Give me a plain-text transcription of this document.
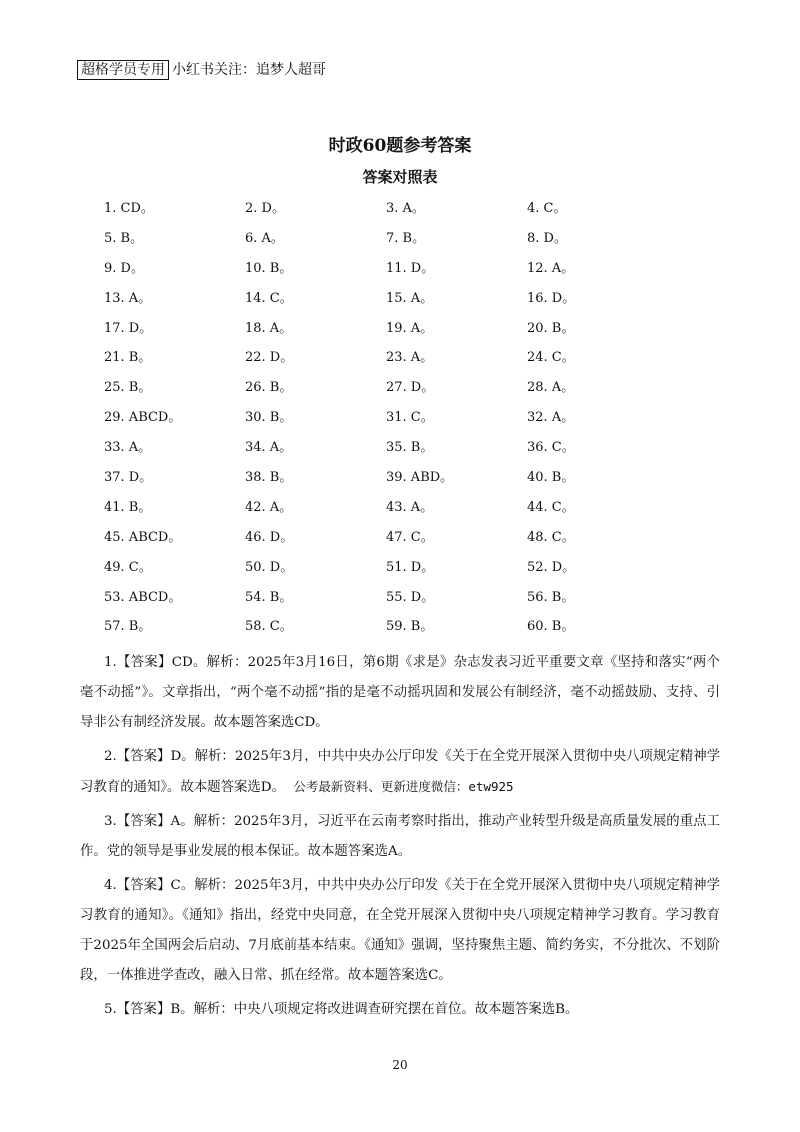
超格学员专用 小红书关注：追梦人超哥
时政60题参考答案
答案对照表
1. CD。	2. D。	3. A。	4. C。
5. B。	6. A。	7. B。	8. D。
9. D。	10. B。	11. D。	12. A。
13. A。	14. C。	15. A。	16. D。
17. D。	18. A。	19. A。	20. B。
21. B。	22. D。	23. A。	24. C。
25. B。	26. B。	27. D。	28. A。
29. ABCD。	30. B。	31. C。	32. A。
33. A。	34. A。	35. B。	36. C。
37. D。	38. B。	39. ABD。	40. B。
41. B。	42. A。	43. A。	44. C。
45. ABCD。	46. D。	47. C。	48. C。
49. C。	50. D。	51. D。	52. D。
53. ABCD。	54. B。	55. D。	56. B。
57. B。	58. C。	59. B。	60. B。

1.【答案】CD。解析：2025年3月16日，第6期《求是》杂志发表习近平重要文章《坚持和落实“两个毫不动摇”》。文章指出，“两个毫不动摇”指的是毫不动摇巩固和发展公有制经济，毫不动摇鼓励、支持、引导非公有制经济发展。故本题答案选CD。

2.【答案】D。解析：2025年3月，中共中央办公厅印发《关于在全党开展深入贯彻中央八项规定精神学习教育的通知》。故本题答案选D。 公考最新资料、更新进度微信：etw925

3.【答案】A。解析：2025年3月，习近平在云南考察时指出，推动产业转型升级是高质量发展的重点工作。党的领导是事业发展的根本保证。故本题答案选A。

4.【答案】C。解析：2025年3月，中共中央办公厅印发《关于在全党开展深入贯彻中央八项规定精神学习教育的通知》。《通知》指出，经党中央同意，在全党开展深入贯彻中央八项规定精神学习教育。学习教育于2025年全国两会后启动、7月底前基本结束。《通知》强调，坚持聚焦主题、简约务实，不分批次、不划阶段，一体推进学查改，融入日常、抓在经常。故本题答案选C。

5.【答案】B。解析：中央八项规定将改进调查研究摆在首位。故本题答案选B。

20
